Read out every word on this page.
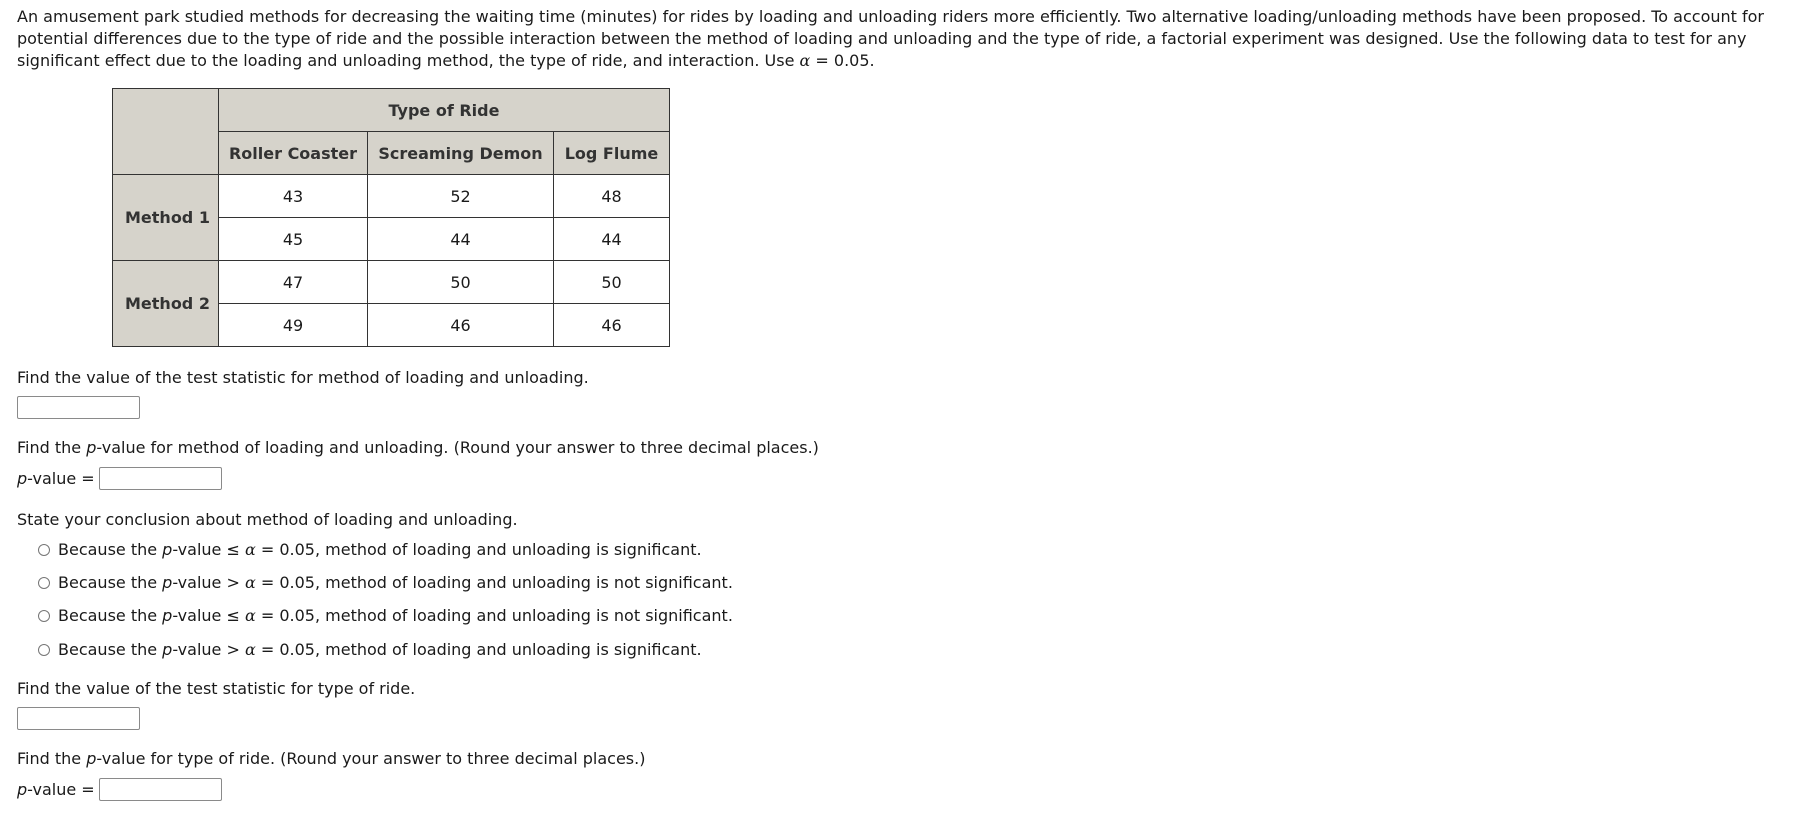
An amusement park studied methods for decreasing the waiting time (minutes) for rides by loading and unloading riders more efficiently. Two alternative loading/unloading methods have been proposed. To account for potential differences due to the type of ride and the possible interaction between the method of loading and unloading and the type of ride, a factorial experiment was designed. Use the following data to test for any significant effect due to the loading and unloading method, the type of ride, and interaction. Use α = 0.05.

	Type of Ride		
	Roller Coaster	Screaming Demon	Log Flume
Method 1	43	52	48
	45	44	44
Method 2	47	50	50
	49	46	46

Find the value of the test statistic for method of loading and unloading.

Find the p-value for method of loading and unloading. (Round your answer to three decimal places.)

p-value =

State your conclusion about method of loading and unloading.

Because the p-value ≤ α = 0.05, method of loading and unloading is significant.
Because the p-value > α = 0.05, method of loading and unloading is not significant.
Because the p-value ≤ α = 0.05, method of loading and unloading is not significant.
Because the p-value > α = 0.05, method of loading and unloading is significant.

Find the value of the test statistic for type of ride.

Find the p-value for type of ride. (Round your answer to three decimal places.)

p-value =
